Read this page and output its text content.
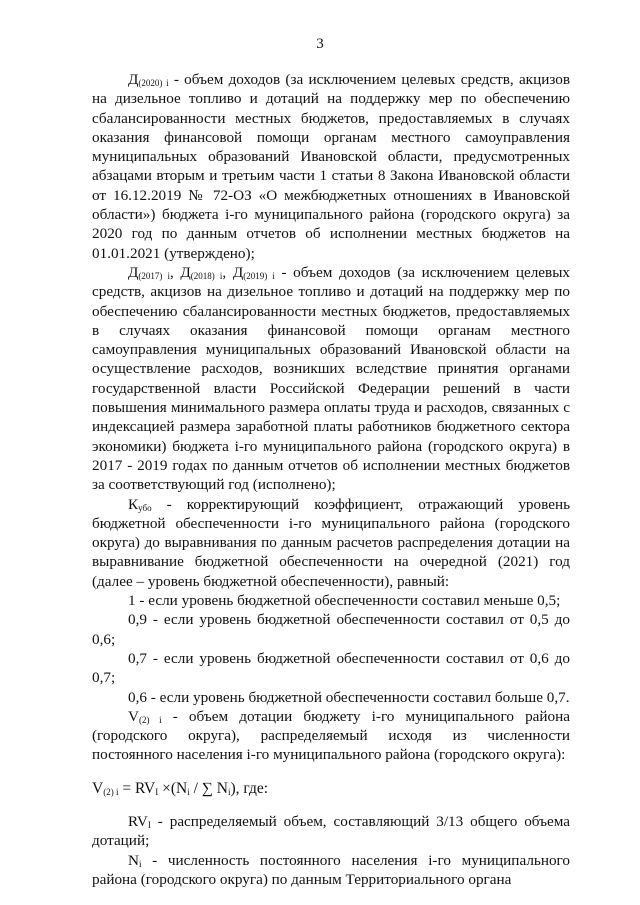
3

$Д_{(2020) i}$ - объем доходов (за исключением целевых средств, акцизов на дизельное топливо и дотаций на поддержку мер по обеспечению сбалансированности местных бюджетов, предоставляемых в случаях оказания финансовой помощи органам местного самоуправления муниципальных образований Ивановской области, предусмотренных абзацами вторым и третьим части 1 статьи 8 Закона Ивановской области от 16.12.2019 № 72-ОЗ «О межбюджетных отношениях в Ивановской области») бюджета i-го муниципального района (городского округа) за 2020 год по данным отчетов об исполнении местных бюджетов на 01.01.2021 (утверждено);

$Д_{(2017) i}$, $Д_{(2018) i}$, $Д_{(2019) i}$ - объем доходов (за исключением целевых средств, акцизов на дизельное топливо и дотаций на поддержку мер по обеспечению сбалансированности местных бюджетов, предоставляемых в случаях оказания финансовой помощи органам местного самоуправления муниципальных образований Ивановской области на осуществление расходов, возникших вследствие принятия органами государственной власти Российской Федерации решений в части повышения минимального размера оплаты труда и расходов, связанных с индексацией размера заработной платы работников бюджетного сектора экономики) бюджета i-го муниципального района (городского округа) в 2017 - 2019 годах по данным отчетов об исполнении местных бюджетов за соответствующий год (исполнено);

$К_{убо}$ - корректирующий коэффициент, отражающий уровень бюджетной обеспеченности i-го муниципального района (городского округа) до выравнивания по данным расчетов распределения дотации на выравнивание бюджетной обеспеченности на очередной (2021) год (далее – уровень бюджетной обеспеченности), равный:

1 - если уровень бюджетной обеспеченности составил меньше 0,5;

0,9 - если уровень бюджетной обеспеченности составил от 0,5 до 0,6;

0,7 - если уровень бюджетной обеспеченности составил от 0,6 до 0,7;

0,6 - если уровень бюджетной обеспеченности составил больше 0,7.

$V_{(2) i}$ - объем дотации бюджету i-го муниципального района (городского округа), распределяемый исходя из численности постоянного населения i-го муниципального района (городского округа):

$V_{(2) i} = RV_I \times(N_i$ / ∑ $N_i$), где:

$RV_I$ - распределяемый объем, составляющий 3/13 общего объема дотаций;

$N_i$ - численность постоянного населения i-го муниципального района (городского округа) по данным Территориального органа
